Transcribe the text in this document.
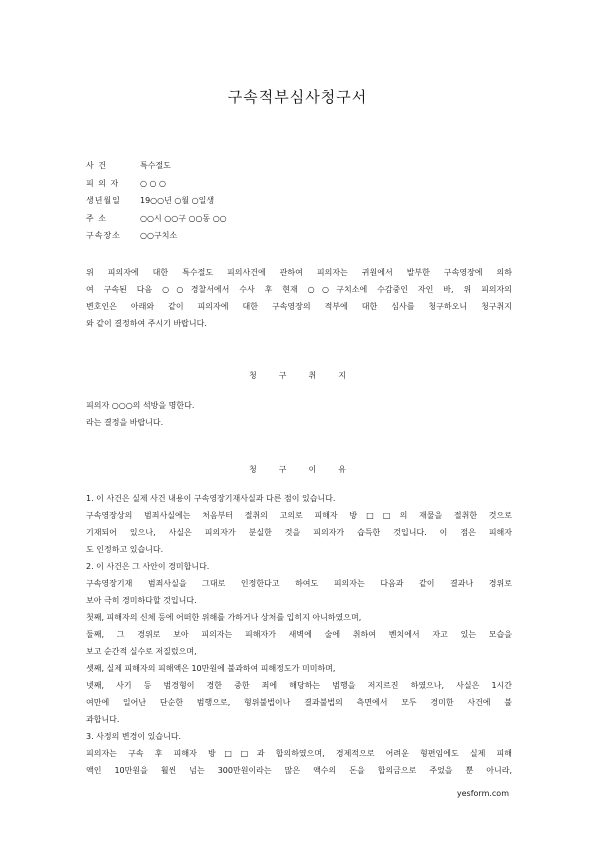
구속적부심사청구서
사 건	특수절도
피 의 자	○ ○ ○
생년월일	19○○년 ○월 ○일생
주 소	○○시 ○○구 ○○동 ○○
구속장소	○○구치소
위 피의자에 대한 특수절도 피의사건에 관하여 피의자는 귀원에서 발부한 구속영장에 의하
여 구속된 다음 ○○경찰서에서 수사 후 현재 ○○구치소에 수감중인 자인 바, 위 피의자의
변호인은 아래와 같이 피의자에 대한 구속영장의 적부에 대한 심사를 청구하오니 청구취지
와 같이 결정하여 주시기 바랍니다.
청구취지
피의자 ○○○의 석방을 명한다.
라는 결정을 바랍니다.
청구이유
1. 이 사건은 실제 사건 내용이 구속영장기재사실과 다른 점이 있습니다.
구속영장상의 범죄사실에는 처음부터 절취의 고의로 피해자 방□□의 재물을 절취한 것으로
기재되어 있으나, 사실은 피의자가 분실한 것을 피의자가 습득한 것입니다. 이 점은 피해자
도 인정하고 있습니다.
2. 이 사건은 그 사안이 경미합니다.
구속영장기재 범죄사실을 그대로 인정한다고 하여도 피의자는 다음과 같이 결과나 경위로
보아 극히 경미하다할 것입니다.
첫째, 피해자의 신체 등에 어떠한 위해를 가하거나 상처를 입히지 아니하였으며,
둘째, 그 경위로 보아 피의자는 피해자가 새벽에 술에 취하여 벤치에서 자고 있는 모습을
보고 순간적 실수로 저질렀으며,
셋째, 실제 피해자의 피해액은 10만원에 불과하여 피해정도가 미미하며,
넷째, 사기 등 범경형이 경한 중한 죄에 해당하는 범행을 저지르진 하였으나, 사실은 1시간
여만에 일어난 단순한 범행으로, 형위불법이나 결과불법의 측면에서 모두 경미한 사건에 불
과합니다.
3. 사정의 변경이 있습니다.
피의자는 구속 후 피해자 방□□과 합의하였으며, 경제적으로 어려운 형편임에도 실제 피해
액인 10만원을 훨씬 넘는 300만원이라는 많은 액수의 돈을 합의금으로 주었을 뿐 아니라,
yesform.com
